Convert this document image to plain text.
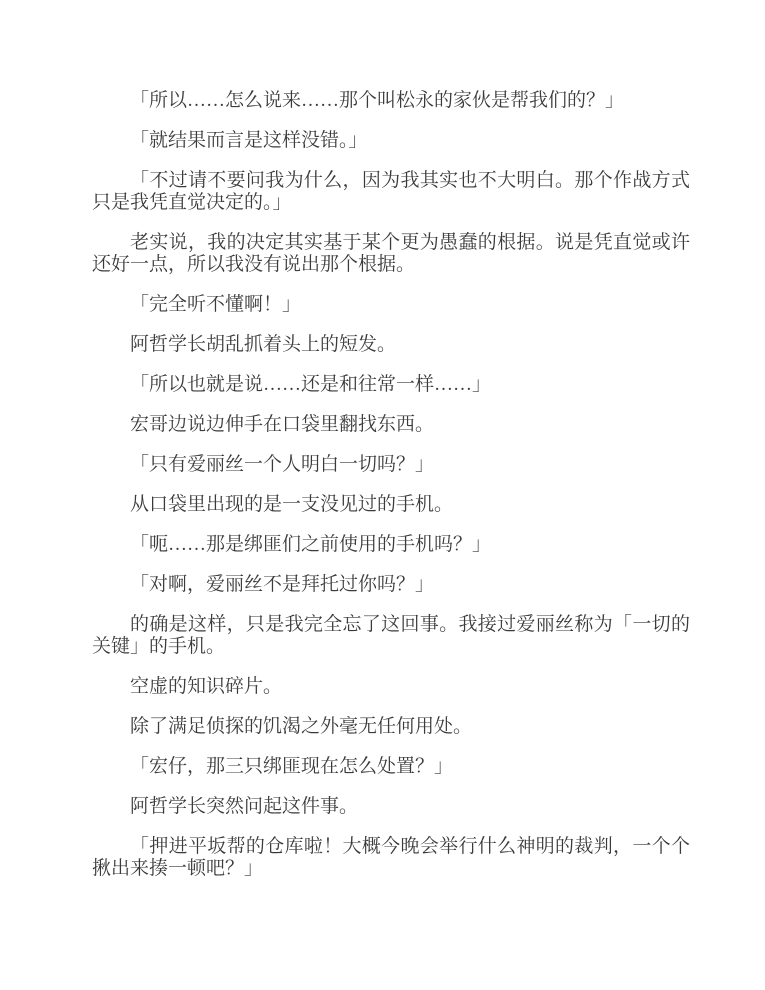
「所以……怎么说来……那个叫松永的家伙是帮我们的？」

「就结果而言是这样没错。」

「不过请不要问我为什么，因为我其实也不大明白。那个作战方式只是我凭直觉决定的。」

老实说，我的决定其实基于某个更为愚蠢的根据。说是凭直觉或许还好一点，所以我没有说出那个根据。

「完全听不懂啊！」

阿哲学长胡乱抓着头上的短发。

「所以也就是说……还是和往常一样……」

宏哥边说边伸手在口袋里翻找东西。

「只有爱丽丝一个人明白一切吗？」

从口袋里出现的是一支没见过的手机。

「呃……那是绑匪们之前使用的手机吗？」

「对啊，爱丽丝不是拜托过你吗？」

的确是这样，只是我完全忘了这回事。我接过爱丽丝称为「一切的关键」的手机。

空虚的知识碎片。

除了满足侦探的饥渴之外毫无任何用处。

「宏仔，那三只绑匪现在怎么处置？」

阿哲学长突然问起这件事。

「押进平坂帮的仓库啦！大概今晚会举行什么神明的裁判，一个个揪出来揍一顿吧？」
